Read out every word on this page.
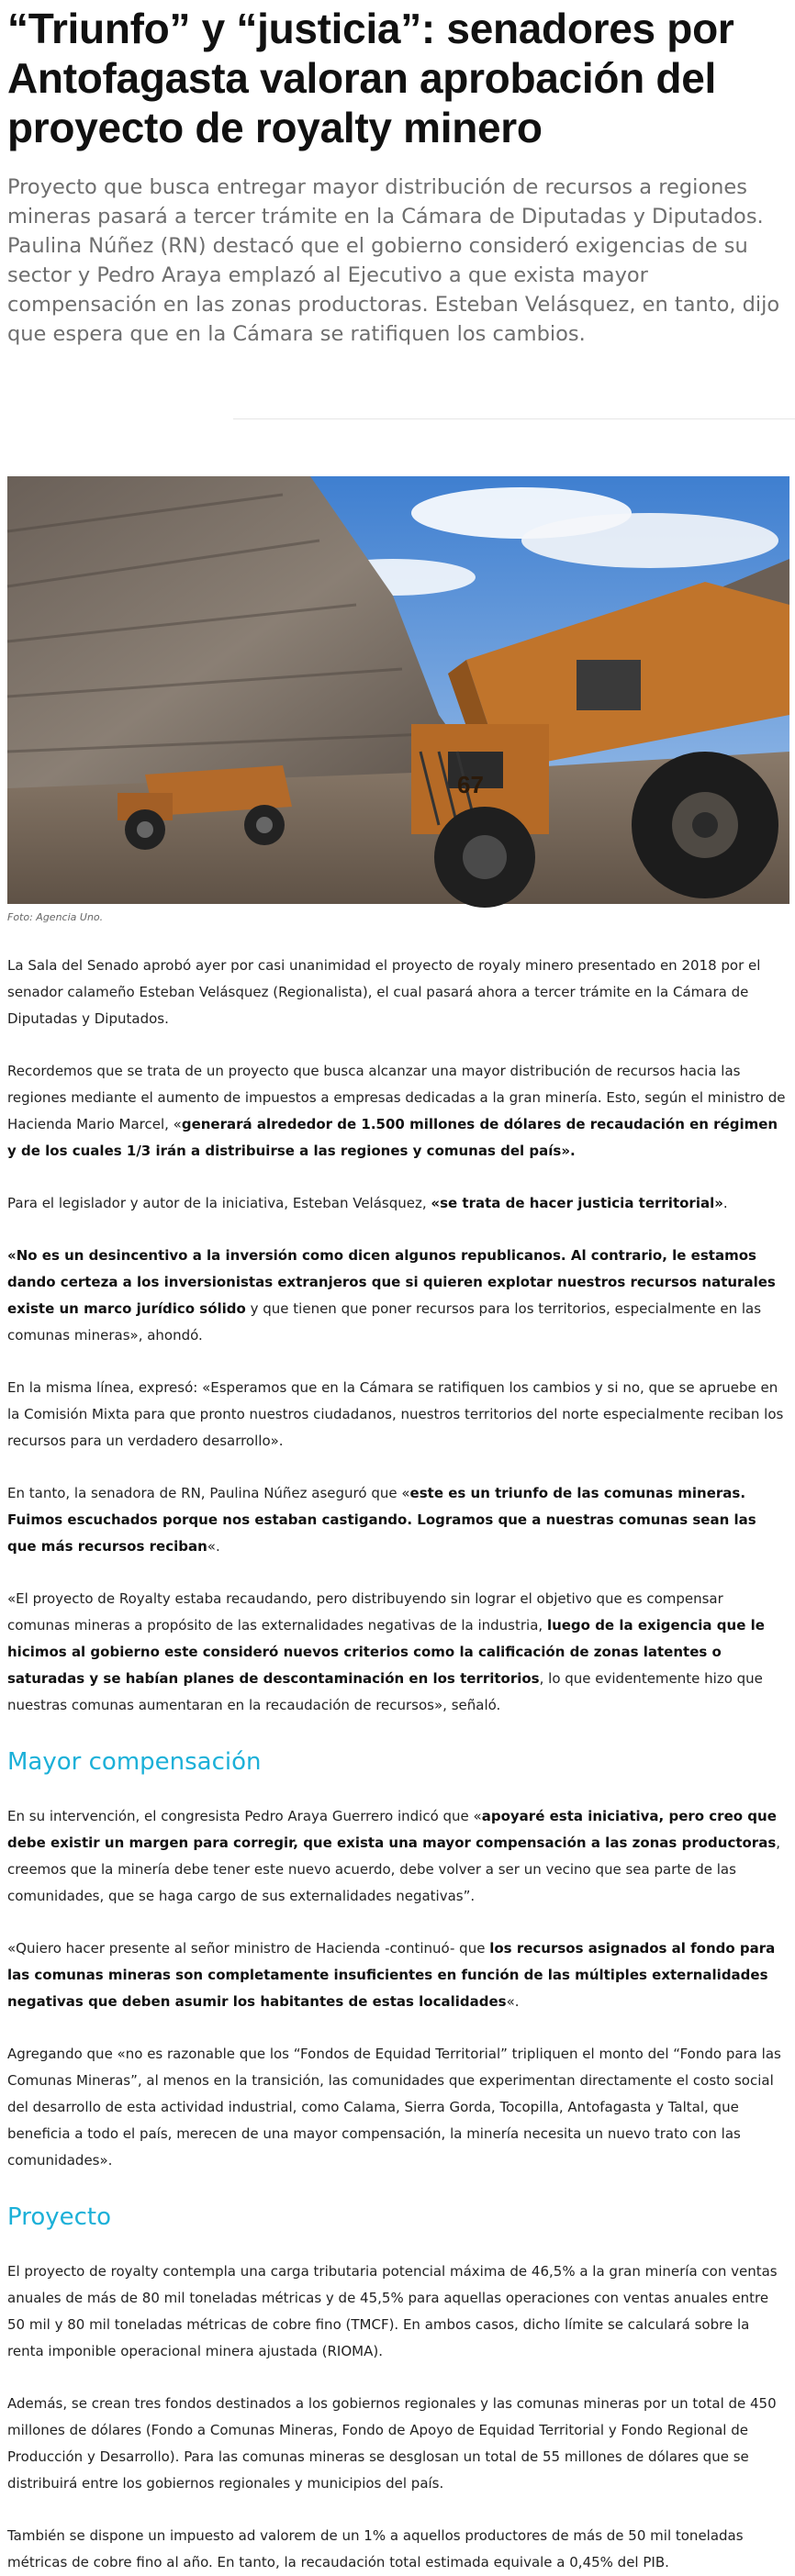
“Triunfo” y “justicia”: senadores por Antofagasta valoran aprobación del proyecto de royalty minero

Proyecto que busca entregar mayor distribución de recursos a regiones mineras pasará a tercer trámite en la Cámara de Diputadas y Diputados. Paulina Núñez (RN) destacó que el gobierno consideró exigencias de su sector y Pedro Araya emplazó al Ejecutivo a que exista mayor compensación en las zonas productoras. Esteban Velásquez, en tanto, dijo que espera que en la Cámara se ratifiquen los cambios.

67
Foto: Agencia Uno.

La Sala del Senado aprobó ayer por casi unanimidad el proyecto de royaly minero presentado en 2018 por el senador calameño Esteban Velásquez (Regionalista), el cual pasará ahora a tercer trámite en la Cámara de Diputadas y Diputados.

Recordemos que se trata de un proyecto que busca alcanzar una mayor distribución de recursos hacia las regiones mediante el aumento de impuestos a empresas dedicadas a la gran minería. Esto, según el ministro de Hacienda Mario Marcel, «generará alrededor de 1.500 millones de dólares de recaudación en régimen y de los cuales 1/3 irán a distribuirse a las regiones y comunas del país».

Para el legislador y autor de la iniciativa, Esteban Velásquez, «se trata de hacer justicia territorial».

«No es un desincentivo a la inversión como dicen algunos republicanos. Al contrario, le estamos dando certeza a los inversionistas extranjeros que si quieren explotar nuestros recursos naturales existe un marco jurídico sólido y que tienen que poner recursos para los territorios, especialmente en las comunas mineras», ahondó.

En la misma línea, expresó: «Esperamos que en la Cámara se ratifiquen los cambios y si no, que se apruebe en la Comisión Mixta para que pronto nuestros ciudadanos, nuestros territorios del norte especialmente reciban los recursos para un verdadero desarrollo».

En tanto, la senadora de RN, Paulina Núñez aseguró que «este es un triunfo de las comunas mineras. Fuimos escuchados porque nos estaban castigando. Logramos que a nuestras comunas sean las que más recursos reciban«.

«El proyecto de Royalty estaba recaudando, pero distribuyendo sin lograr el objetivo que es compensar comunas mineras a propósito de las externalidades negativas de la industria, luego de la exigencia que le hicimos al gobierno este consideró nuevos criterios como la calificación de zonas latentes o saturadas y se habían planes de descontaminación en los territorios, lo que evidentemente hizo que nuestras comunas aumentaran en la recaudación de recursos», señaló.

Mayor compensación

En su intervención, el congresista Pedro Araya Guerrero indicó que «apoyaré esta iniciativa, pero creo que debe existir un margen para corregir, que exista una mayor compensación a las zonas productoras, creemos que la minería debe tener este nuevo acuerdo, debe volver a ser un vecino que sea parte de las comunidades, que se haga cargo de sus externalidades negativas”.

«Quiero hacer presente al señor ministro de Hacienda -continuó- que los recursos asignados al fondo para las comunas mineras son completamente insuficientes en función de las múltiples externalidades negativas que deben asumir los habitantes de estas localidades«.

Agregando que «no es razonable que los “Fondos de Equidad Territorial” tripliquen el monto del “Fondo para las Comunas Mineras”, al menos en la transición, las comunidades que experimentan directamente el costo social del desarrollo de esta actividad industrial, como Calama, Sierra Gorda, Tocopilla, Antofagasta y Taltal, que beneficia a todo el país, merecen de una mayor compensación, la minería necesita un nuevo trato con las comunidades».

Proyecto

El proyecto de royalty contempla una carga tributaria potencial máxima de 46,5% a la gran minería con ventas anuales de más de 80 mil toneladas métricas y de 45,5% para aquellas operaciones con ventas anuales entre 50 mil y 80 mil toneladas métricas de cobre fino (TMCF). En ambos casos, dicho límite se calculará sobre la renta imponible operacional minera ajustada (RIOMA).

Además, se crean tres fondos destinados a los gobiernos regionales y las comunas mineras por un total de 450 millones de dólares (Fondo a Comunas Mineras, Fondo de Apoyo de Equidad Territorial y Fondo Regional de Producción y Desarrollo). Para las comunas mineras se desglosan un total de 55 millones de dólares que se distribuirá entre los gobiernos regionales y municipios del país.

También se dispone un impuesto ad valorem de un 1% a aquellos productores de más de 50 mil toneladas métricas de cobre fino al año. En tanto, la recaudación total estimada equivale a 0,45% del PIB.
